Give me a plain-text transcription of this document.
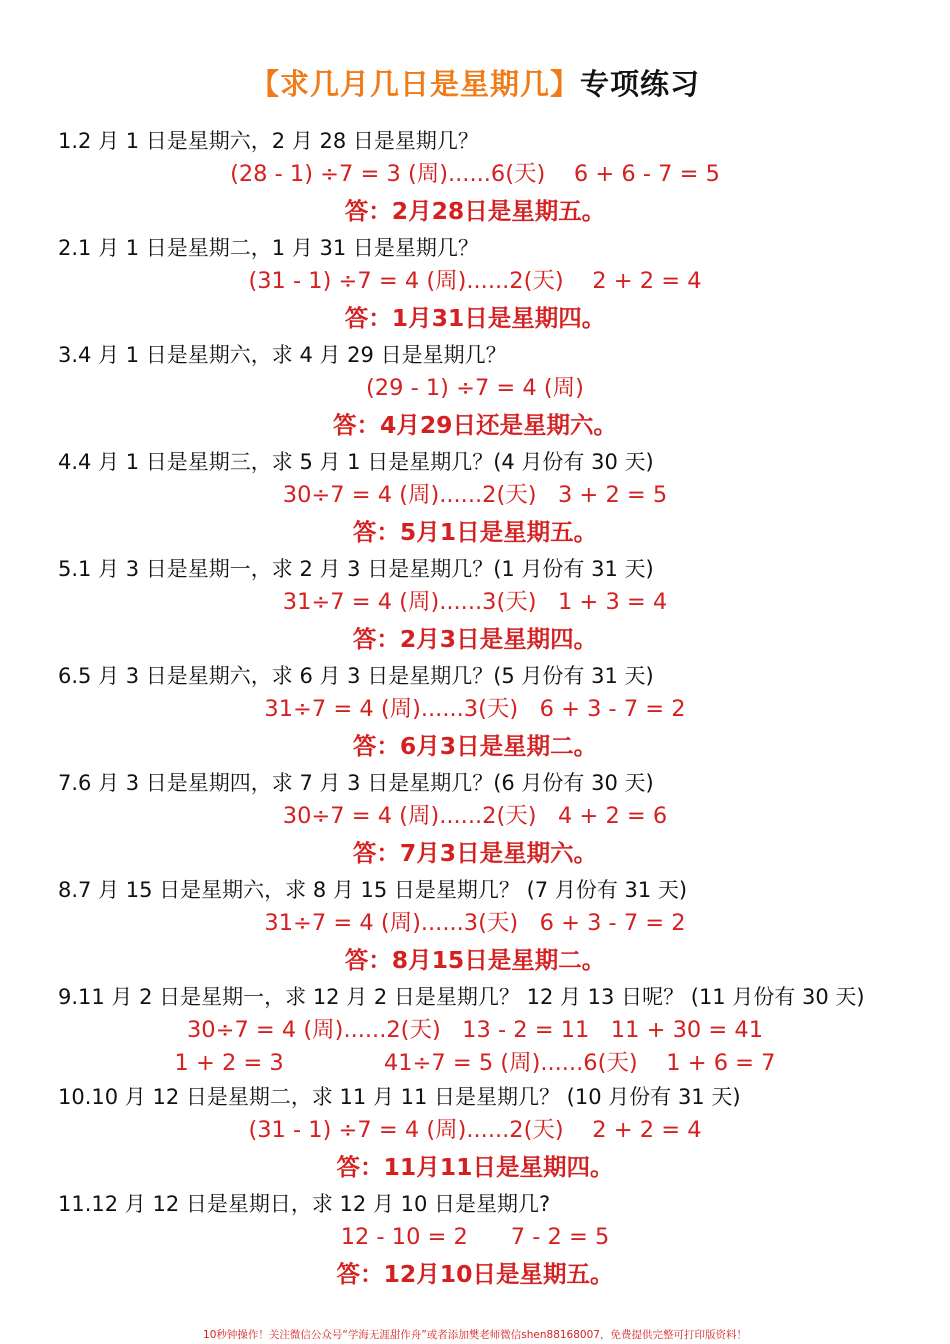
【求几月几日是星期几】专项练习
1.2 月 1 日是星期六，2 月 28 日是星期几？
(28 - 1) ÷7 = 3 (周)......6(天)    6 + 6 - 7 = 5
答：2月28日是星期五。
2.1 月 1 日是星期二，1 月 31 日是星期几？
(31 - 1) ÷7 = 4 (周)......2(天)    2 + 2 = 4
答：1月31日是星期四。
3.4 月 1 日是星期六，求 4 月 29 日是星期几？
(29 - 1) ÷7 = 4 (周)
答：4月29日还是星期六。
4.4 月 1 日是星期三，求 5 月 1 日是星期几？(4 月份有 30 天)
30÷7 = 4 (周)......2(天)   3 + 2 = 5
答：5月1日是星期五。
5.1 月 3 日是星期一，求 2 月 3 日是星期几？(1 月份有 31 天)
31÷7 = 4 (周)......3(天)   1 + 3 = 4
答：2月3日是星期四。
6.5 月 3 日是星期六，求 6 月 3 日是星期几？(5 月份有 31 天)
31÷7 = 4 (周)......3(天)   6 + 3 - 7 = 2
答：6月3日是星期二。
7.6 月 3 日是星期四，求 7 月 3 日是星期几？(6 月份有 30 天)
30÷7 = 4 (周)......2(天)   4 + 2 = 6
答：7月3日是星期六。
8.7 月 15 日是星期六，求 8 月 15 日是星期几？ (7 月份有 31 天)
31÷7 = 4 (周)......3(天)   6 + 3 - 7 = 2
答：8月15日是星期二。
9.11 月 2 日是星期一，求 12 月 2 日是星期几？ 12 月 13 日呢？ (11 月份有 30 天)
30÷7 = 4 (周)......2(天)   13 - 2 = 11   11 + 30 = 41
1 + 2 = 3              41÷7 = 5 (周)......6(天)    1 + 6 = 7
10.10 月 12 日是星期二，求 11 月 11 日是星期几？ (10 月份有 31 天)
(31 - 1) ÷7 = 4 (周)......2(天)    2 + 2 = 4
答：11月11日是星期四。
11.12 月 12 日是星期日，求 12 月 10 日是星期几?
12 - 10 = 2      7 - 2 = 5
答：12月10日是星期五。
10秒钟操作！关注微信公众号“学海无涯甜作舟”或者添加樊老师微信shen88168007，免费提供完整可打印版资料！
